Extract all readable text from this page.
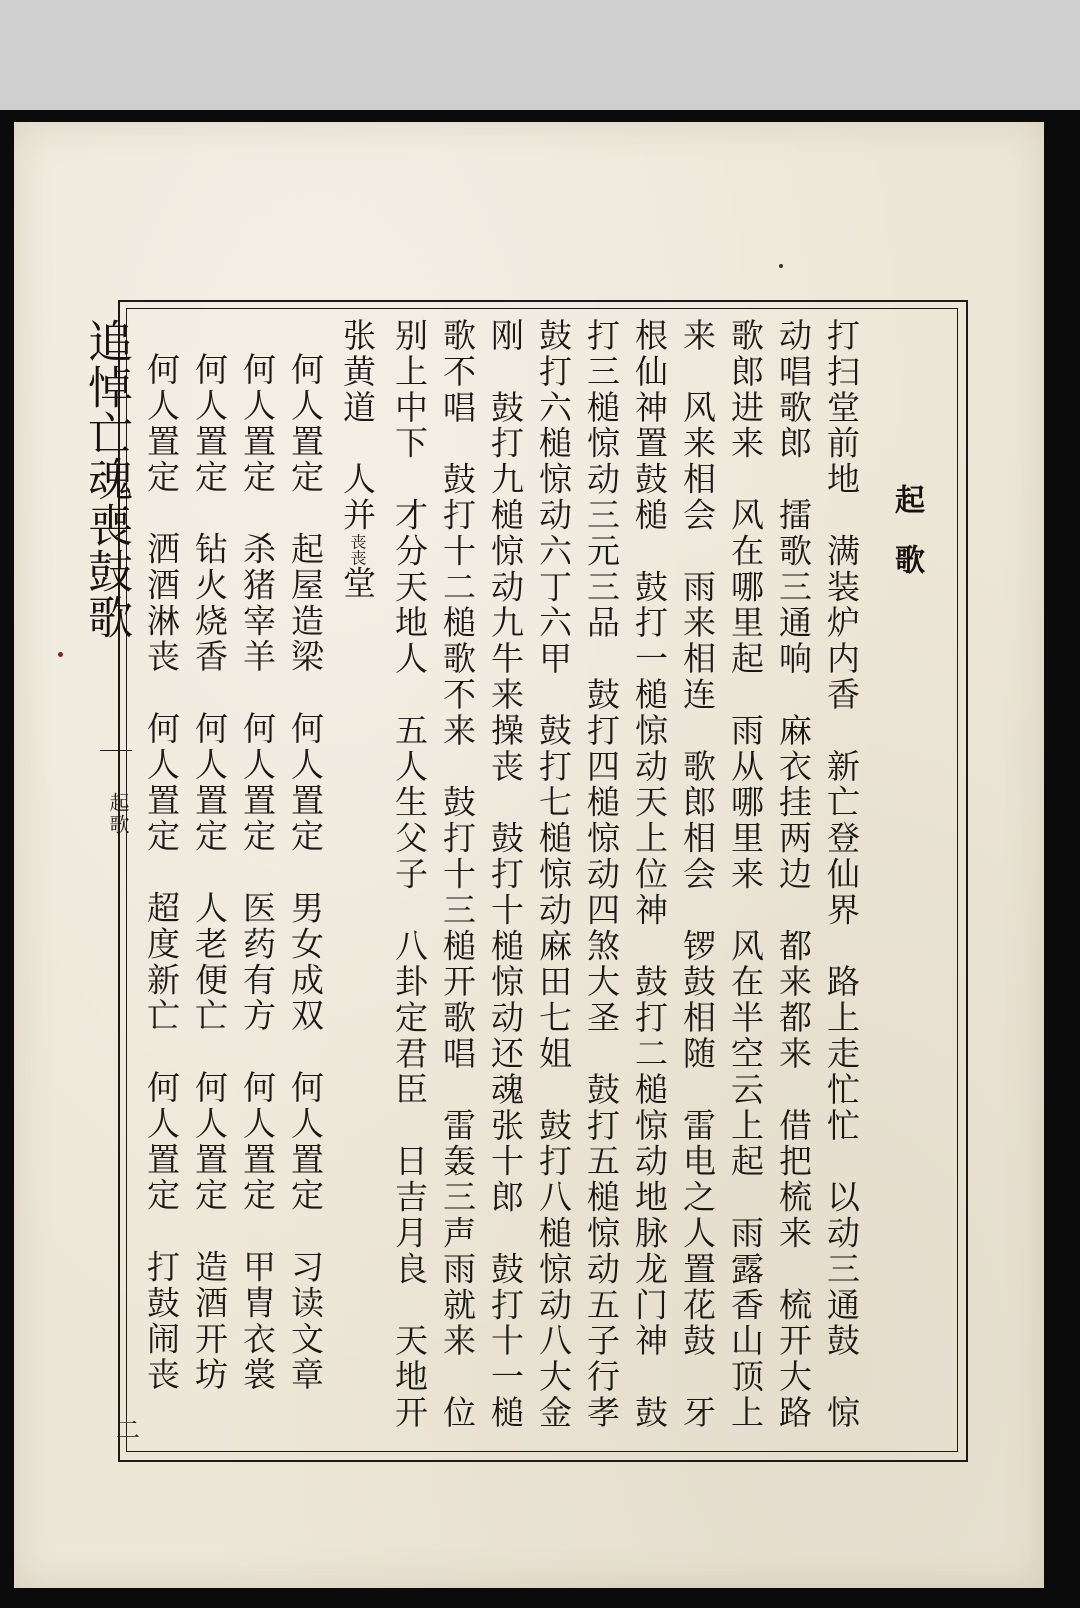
追悼亡魂喪鼓歌
起歌
二
起歌
打扫堂前地　满装炉内香　新亡登仙界　路上走忙忙　以动三通鼓　惊
动唱歌郎　擂歌三通响　麻衣挂两边　都来都来　借把梳来　梳开大路
歌郎进来　风在哪里起　雨从哪里来　风在半空云上起　雨露香山顶上
来　风来相会　雨来相连　歌郎相会　锣鼓相随　雷电之人置花鼓　牙
根仙神置鼓槌　鼓打一槌惊动天上位神　鼓打二槌惊动地脉龙门神　鼓
打三槌惊动三元三品　鼓打四槌惊动四煞大圣　鼓打五槌惊动五子行孝
鼓打六槌惊动六丁六甲　鼓打七槌惊动麻田七姐　鼓打八槌惊动八大金
刚　鼓打九槌惊动九牛来操丧　鼓打十槌惊动还魂张十郎　鼓打十一槌
歌不唱　鼓打十二槌歌不来　鼓打十三槌开歌唱　雷轰三声雨就来　位
别上中下　才分天地人　五人生父子　八卦定君臣　日吉月良　天地开
张黄道　人并丧丧堂
何人置定　起屋造梁　何人置定　男女成双　何人置定　习读文章
何人置定　杀猪宰羊　何人置定　医药有方　何人置定　甲胄衣裳
何人置定　钻火烧香　何人置定　人老便亡　何人置定　造酒开坊
何人置定　洒酒淋丧　何人置定　超度新亡　何人置定　打鼓闹丧
